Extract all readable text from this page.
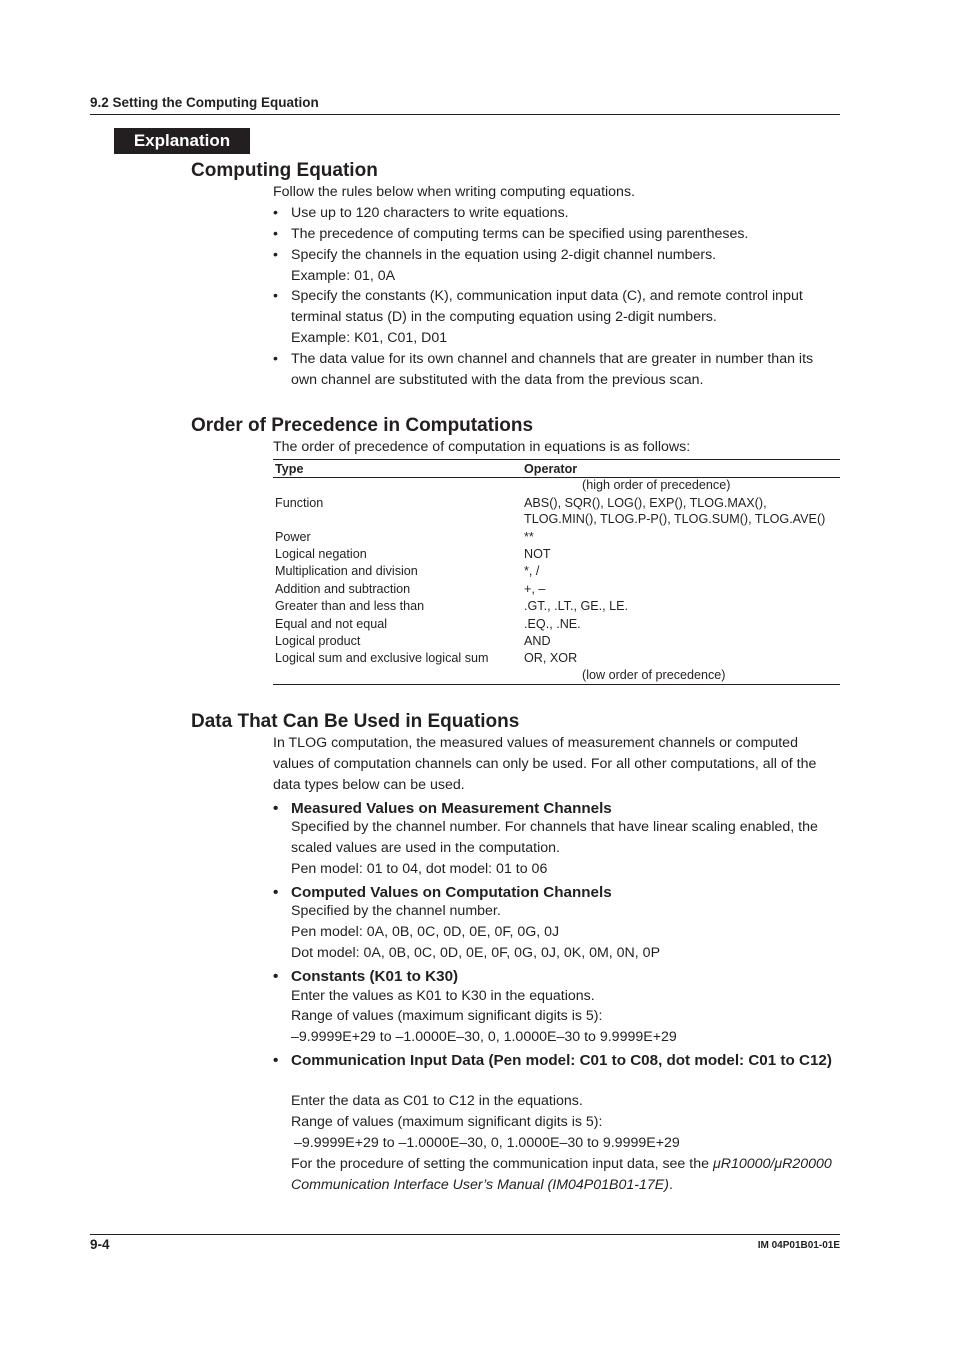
9.2 Setting the Computing Equation
Explanation
Computing Equation
Follow the rules below when writing computing equations.
• Use up to 120 characters to write equations.
• The precedence of computing terms can be specified using parentheses.
• Specify the channels in the equation using 2-digit channel numbers.
Example: 01, 0A
• Specify the constants (K), communication input data (C), and remote control input terminal status (D) in the computing equation using 2-digit numbers.
Example: K01, C01, D01
• The data value for its own channel and channels that are greater in number than its own channel are substituted with the data from the previous scan.
Order of Precedence in Computations
The order of precedence of computation in equations is as follows:
Type	Operator
(high order of precedence)
Function	ABS(), SQR(), LOG(), EXP(), TLOG.MAX(),
TLOG.MIN(), TLOG.P-P(), TLOG.SUM(), TLOG.AVE()
Power	**
Logical negation	NOT
Multiplication and division	*, /
Addition and subtraction	+, –
Greater than and less than	.GT., .LT., GE., LE.
Equal and not equal	.EQ., .NE.
Logical product	AND
Logical sum and exclusive logical sum	OR, XOR
(low order of precedence)
Data That Can Be Used in Equations
In TLOG computation, the measured values of measurement channels or computed values of computation channels can only be used. For all other computations, all of the data types below can be used.
• Measured Values on Measurement Channels
Specified by the channel number. For channels that have linear scaling enabled, the scaled values are used in the computation.
Pen model: 01 to 04, dot model: 01 to 06
• Computed Values on Computation Channels
Specified by the channel number.
Pen model: 0A, 0B, 0C, 0D, 0E, 0F, 0G, 0J
Dot model: 0A, 0B, 0C, 0D, 0E, 0F, 0G, 0J, 0K, 0M, 0N, 0P
• Constants (K01 to K30)
Enter the values as K01 to K30 in the equations.
Range of values (maximum significant digits is 5):
–9.9999E+29 to –1.0000E–30, 0, 1.0000E–30 to 9.9999E+29
• Communication Input Data (Pen model: C01 to C08, dot model: C01 to C12)
Enter the data as C01 to C12 in the equations.
Range of values (maximum significant digits is 5):
–9.9999E+29 to –1.0000E–30, 0, 1.0000E–30 to 9.9999E+29
For the procedure of setting the communication input data, see the μR10000/μR20000 Communication Interface User’s Manual (IM04P01B01-17E).
9-4	IM 04P01B01-01E
